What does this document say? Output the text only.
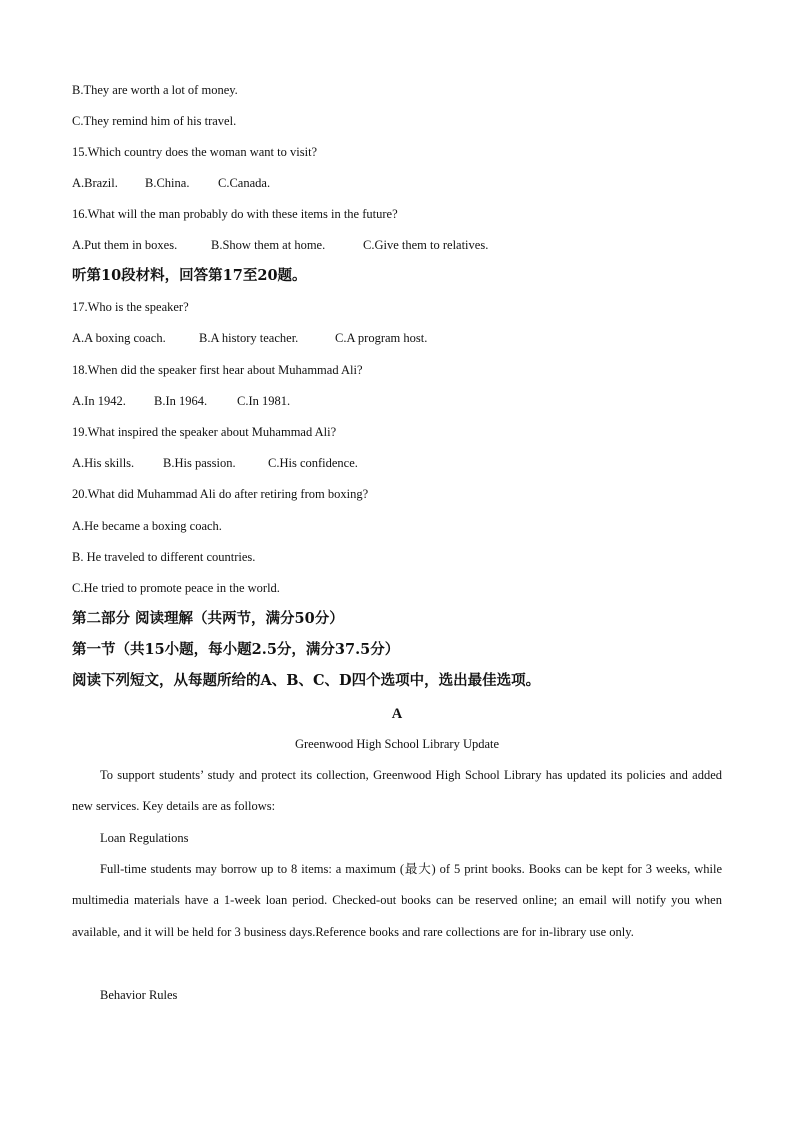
B.They are worth a lot of money.
C.They remind him of his travel.
15.Which country does the woman want to visit?
A.Brazil. B.China. C.Canada.
16.What will the man probably do with these items in the future?
A.Put them in boxes.	B.Show them at home.	C.Give them to relatives.
听第10段材料，回答第17至20题。
17.Who is the speaker?
A.A boxing coach.	B.A history teacher.	C.A program host.
18.When did the speaker first hear about Muhammad Ali?
A.In 1942. B.In 1964. C.In 1981.
19.What inspired the speaker about Muhammad Ali?
A.His skills. B.His passion.	C.His confidence.
20.What did Muhammad Ali do after retiring from boxing?
A.He became a boxing coach.
B. He traveled to different countries.
C.He tried to promote peace in the world.
第二部分 阅读理解（共两节，满分50分）
第一节（共15小题，每小题2.5分，满分37.5分）
阅读下列短文，从每题所给的A、B、C、D四个选项中，选出最佳选项。
A
Greenwood High School Library Update
To support students’ study and protect its collection, Greenwood High School Library has updated its policies and added new services. Key details are as follows:
Loan Regulations
Full-time students may borrow up to 8 items: a maximum (最大) of 5 print books. Books can be kept for 3 weeks, while multimedia materials have a 1-week loan period. Checked-out books can be reserved online; an email will notify you when available, and it will be held for 3 business days.Reference books and rare collections are for in-library use only.
Behavior Rules
